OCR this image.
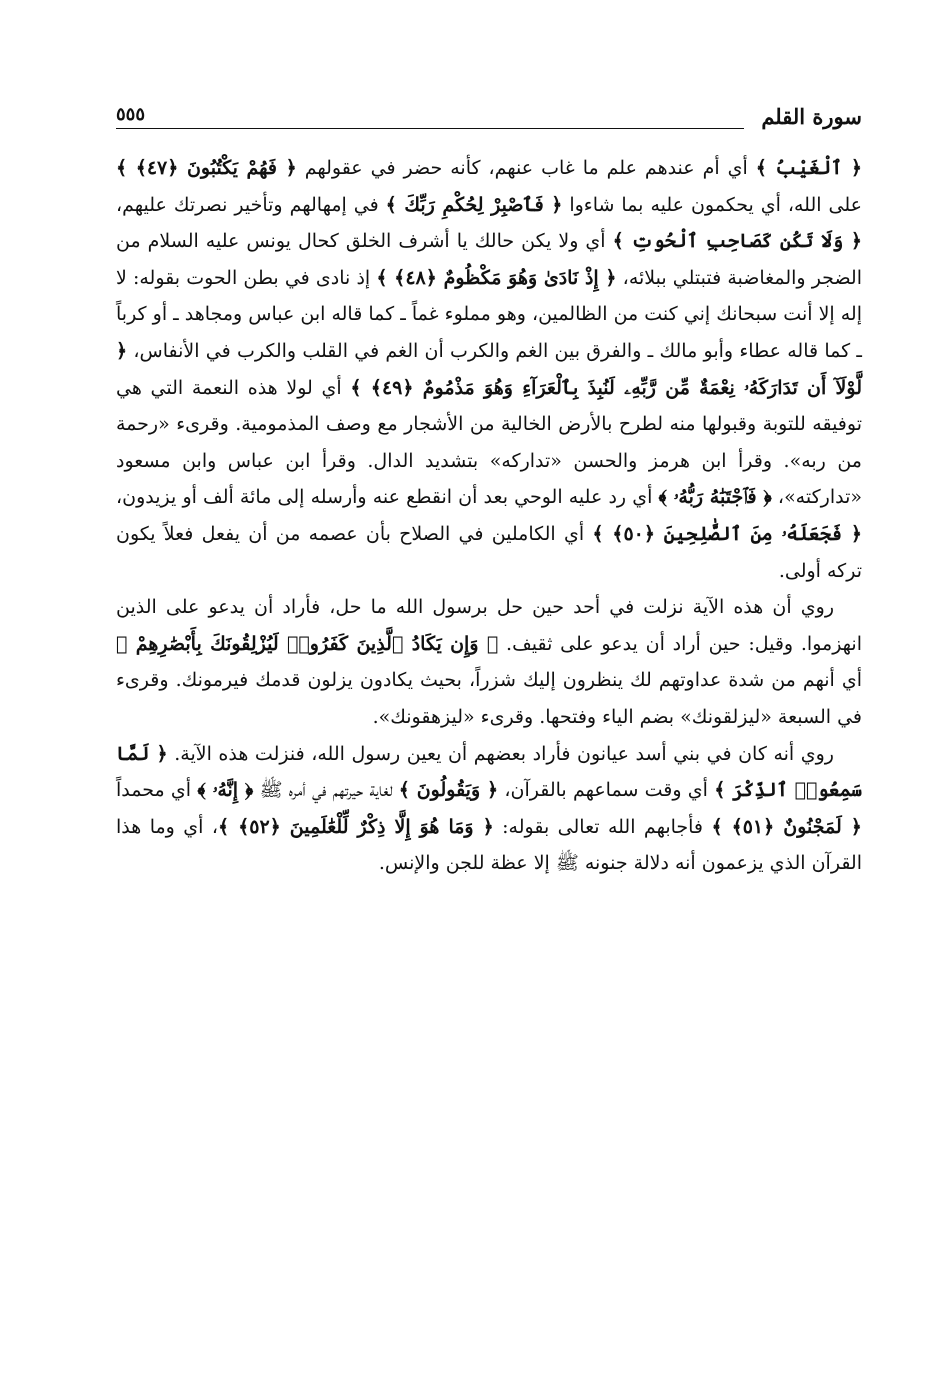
٥٥٥	سورة القلم

﴿ ٱلْغَيْبُ ﴾ أي أم عندهم علم ما غاب عنهم، كأنه حضر في عقولهم ﴿ فَهُمْ يَكْتُبُونَ ﴿٤٧﴾ ﴾ على الله، أي يحكمون عليه بما شاءوا ﴿ فَٱصْبِرْ لِحُكْمِ رَبِّكَ ﴾ في إمهالهم وتأخير نصرتك عليهم، ﴿ وَلَا تَكُن كَصَاحِبِ ٱلْحُوتِ ﴾ أي ولا يكن حالك يا أشرف الخلق كحال يونس عليه السلام من الضجر والمغاضبة فتبتلي ببلائه، ﴿ إِذْ نَادَىٰ وَهُوَ مَكْظُومٌ ﴿٤٨﴾ ﴾ إذ نادى في بطن الحوت بقوله: لا إله إلا أنت سبحانك إني كنت من الظالمين، وهو مملوء غماً ـ كما قاله ابن عباس ومجاهد ـ أو كرباً ـ كما قاله عطاء وأبو مالك ـ والفرق بين الغم والكرب أن الغم في القلب والكرب في الأنفاس، ﴿ لَّوْلَآ أَن تَدَارَكَهُۥ نِعْمَةٌ مِّن رَّبِّهِۦ لَنُبِذَ بِٱلْعَرَآءِ وَهُوَ مَذْمُومٌ ﴿٤٩﴾ ﴾ أي لولا هذه النعمة التي هي توفيقه للتوبة وقبولها منه لطرح بالأرض الخالية من الأشجار مع وصف المذمومية. وقرىء «رحمة من ربه». وقرأ ابن هرمز والحسن «تداركه» بتشديد الدال. وقرأ ابن عباس وابن مسعود «تداركته»، ﴿ فَٱجْتَبَٰهُ رَبُّهُۥ ﴾ أي رد عليه الوحي بعد أن انقطع عنه وأرسله إلى مائة ألف أو يزيدون، ﴿ فَجَعَلَهُۥ مِنَ ٱلصَّٰلِحِينَ ﴿٥٠﴾ ﴾ أي الكاملين في الصلاح بأن عصمه من أن يفعل فعلاً يكون تركه أولى.

روي أن هذه الآية نزلت في أحد حين حل برسول الله ما حل، فأراد أن يدعو على الذين انهزموا. وقيل: حين أراد أن يدعو على ثقيف. ﴿ وَإِن يَكَادُ ٱلَّذِينَ كَفَرُوا۟ لَيُزْلِقُونَكَ بِأَبْصَٰرِهِمْ ﴾ أي أنهم من شدة عداوتهم لك ينظرون إليك شزراً، بحيث يكادون يزلون قدمك فيرمونك. وقرىء في السبعة «ليزلقونك» بضم الياء وفتحها. وقرىء «ليزهقونك».

روي أنه كان في بني أسد عيانون فأراد بعضهم أن يعين رسول الله، فنزلت هذه الآية. ﴿ لَمَّا سَمِعُوا۟ ٱلذِّكْرَ ﴾ أي وقت سماعهم بالقرآن، ﴿ وَيَقُولُونَ ﴾ لغاية حيرتهم في أمره ﷺ ﴿ إِنَّهُۥ ﴾ أي محمداً ﴿ لَمَجْنُونٌ ﴿٥١﴾ ﴾ فأجابهم الله تعالى بقوله: ﴿ وَمَا هُوَ إِلَّا ذِكْرٌ لِّلْعَٰلَمِينَ ﴿٥٢﴾ ﴾، أي وما هذا القرآن الذي يزعمون أنه دلالة جنونه ﷺ إلا عظة للجن والإنس.
